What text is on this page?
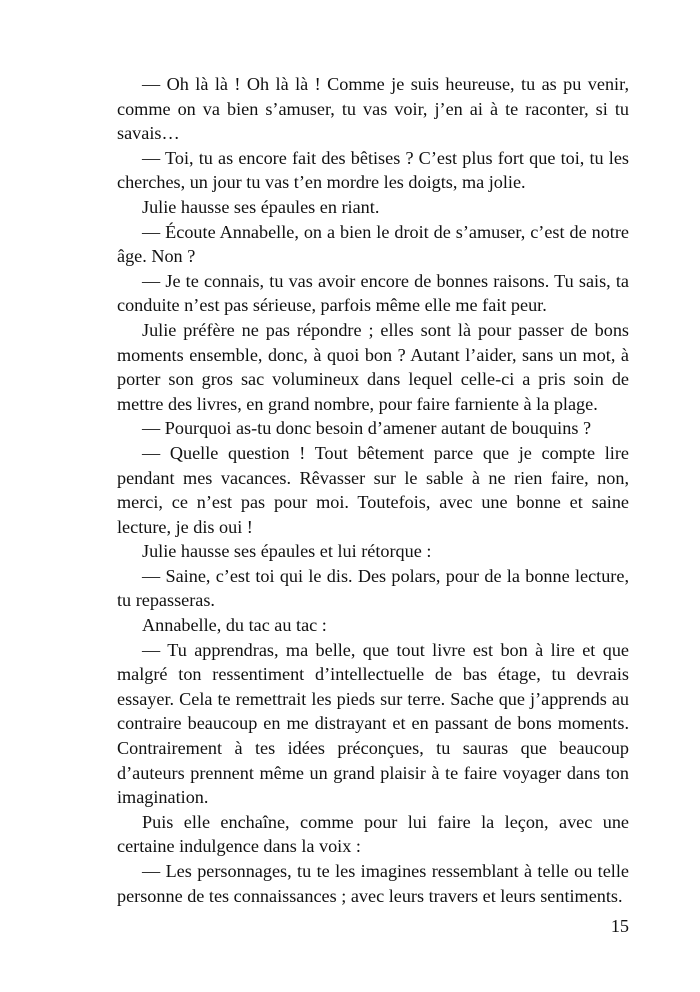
— Oh là là ! Oh là là ! Comme je suis heureuse, tu as pu venir, comme on va bien s’amuser, tu vas voir, j’en ai à te raconter, si tu savais…

— Toi, tu as encore fait des bêtises ? C’est plus fort que toi, tu les cherches, un jour tu vas t’en mordre les doigts, ma jolie.

Julie hausse ses épaules en riant.

— Écoute Annabelle, on a bien le droit de s’amuser, c’est de notre âge. Non ?

— Je te connais, tu vas avoir encore de bonnes raisons. Tu sais, ta conduite n’est pas sérieuse, parfois même elle me fait peur.

Julie préfère ne pas répondre ; elles sont là pour passer de bons moments ensemble, donc, à quoi bon ? Autant l’aider, sans un mot, à porter son gros sac volumineux dans lequel celle-ci a pris soin de mettre des livres, en grand nombre, pour faire farniente à la plage.

— Pourquoi as-tu donc besoin d’amener autant de bouquins ?

— Quelle question ! Tout bêtement parce que je compte lire pendant mes vacances. Rêvasser sur le sable à ne rien faire, non, merci, ce n’est pas pour moi. Toutefois, avec une bonne et saine lecture, je dis oui !

Julie hausse ses épaules et lui rétorque :

— Saine, c’est toi qui le dis. Des polars, pour de la bonne lecture, tu repasseras.

Annabelle, du tac au tac :

— Tu apprendras, ma belle, que tout livre est bon à lire et que malgré ton ressentiment d’intellectuelle de bas étage, tu devrais essayer. Cela te remettrait les pieds sur terre. Sache que j’apprends au contraire beaucoup en me distrayant et en passant de bons moments. Contrairement à tes idées préconçues, tu sauras que beaucoup d’auteurs prennent même un grand plaisir à te faire voyager dans ton imagination.

Puis elle enchaîne, comme pour lui faire la leçon, avec une certaine indulgence dans la voix :

— Les personnages, tu te les imagines ressemblant à telle ou telle personne de tes connaissances ; avec leurs travers et leurs sentiments.

15
